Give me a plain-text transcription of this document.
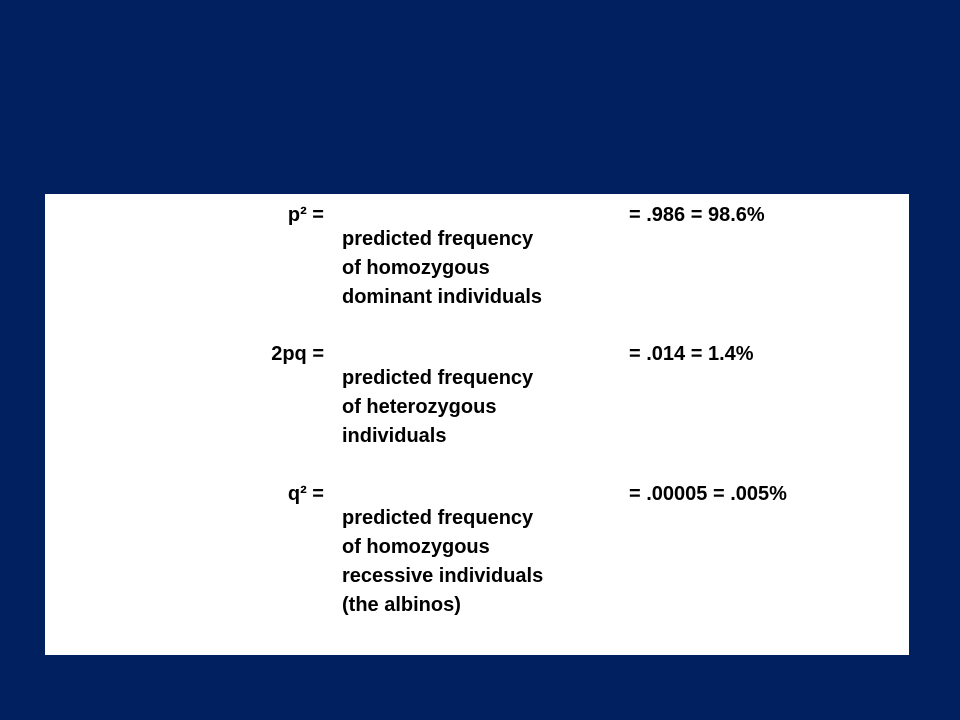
p² =
predicted frequency
of homozygous
dominant individuals
= .986 = 98.6%
2pq =
predicted frequency
of heterozygous
individuals
= .014 = 1.4%
q² =
predicted frequency
of homozygous
recessive individuals
(the albinos)
= .00005 = .005%
